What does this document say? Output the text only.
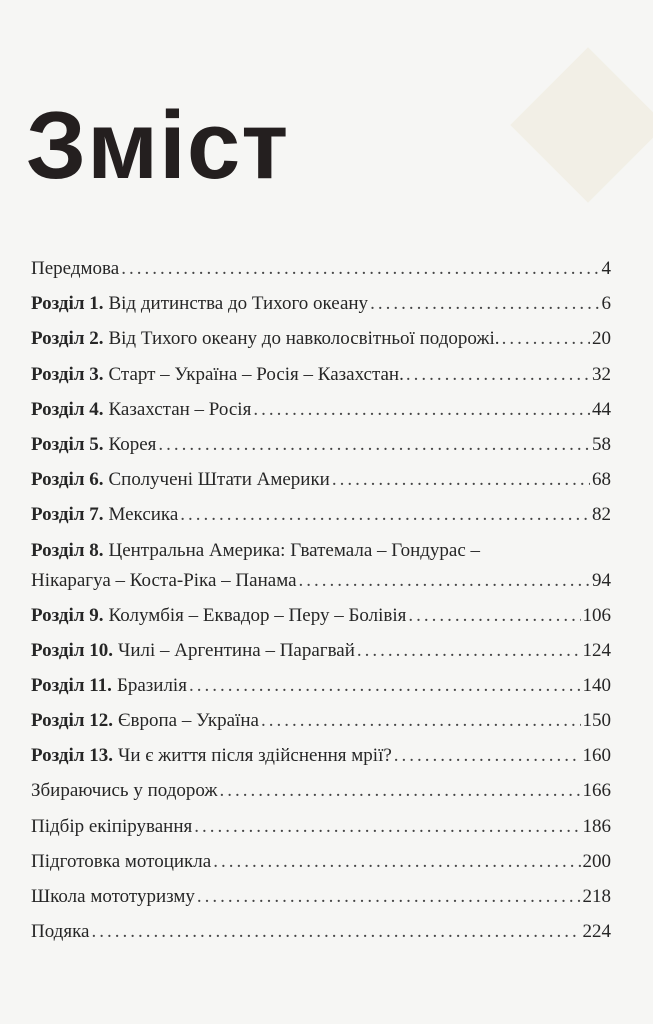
Зміст
Передмова .....	4
Розділ 1. Від дитинства до Тихого океану .....	6
Розділ 2. Від Тихого океану до навколосвітньої подорожі. .....	20
Розділ 3. Старт – Україна – Росія – Казахстан. .....	32
Розділ 4. Казахстан – Росія .....	44
Розділ 5. Корея .....	58
Розділ 6. Сполучені Штати Америки .....	68
Розділ 7. Мексика .....	82
Розділ 8. Центральна Америка: Гватемала – Гондурас –
Нікарагуа – Коста-Ріка – Панама .....	94
Розділ 9. Колумбія – Еквадор – Перу – Болівія .....	106
Розділ 10. Чилі – Аргентина – Парагвай .....	124
Розділ 11. Бразилія .....	140
Розділ 12. Європа – Україна .....	150
Розділ 13. Чи є життя після здійснення мрії? .....	160
Збираючись у подорож .....	166
Підбір екіпірування .....	186
Підготовка мотоцикла .....	200
Школа мототуризму .....	218
Подяка .....	224
